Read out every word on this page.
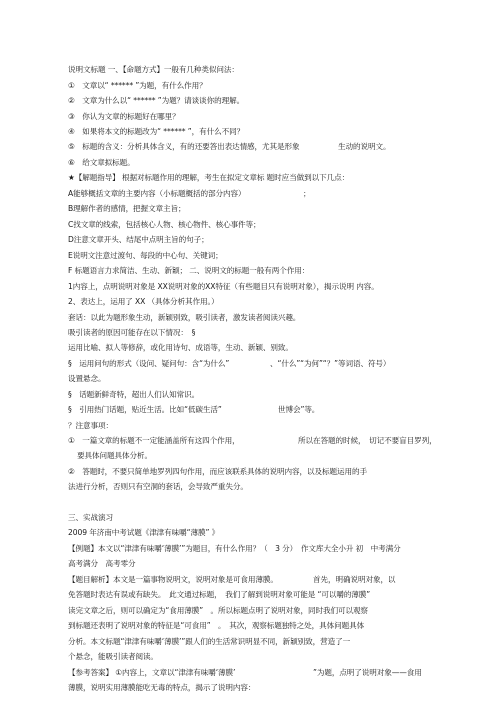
说明文标题 一、【命题方式】一般有几种类似问法：
①　文章以“ ****** ”为题，有什么作用？
②　文章为什么以“ ****** ”为题？请谈谈你的理解。
③　你认为文章的标题好在哪里？
④　如果将本文的标题改为“ ****** ”，有什么不同？
⑤　标题的含义：分析具体含义，有的还要答出表达情感，尤其是形象	生动的说明文。
⑥　给文章拟标题。
★【解题指导】 根据对标题作用的理解，考生在拟定文章标 题时应当做到以下几点：
A能够概括文章的主要内容（小标题概括的部分内容）	；
B理解作者的感情，把握文章主旨；
C找文章的线索，包括核心人物、核心物件、核心事件等；
D注意文章开头、结尾中点明主旨的句子；
E说明文注意过渡句、每段的中心句、关键词；
F 标题语言力求简洁、生动、新颖； 二、说明文的标题一般有两个作用：
1内容上，点明说明对象是 XX说明对象的XX特征（有些题目只有说明对象），揭示说明 内容。
2、表达上，运用了 XX （具体分析其作用。）
套话：以此为题形象生动，新颖别致，吸引读者，激发读者阅读兴趣。
吸引读者的原因可能存在以下情况：　§
运用比喻、拟人等修辞，或化用诗句、成语等，生动、新颖、别致。
§　运用问句的形式（设问、疑问句：含“为什么”	、“什么”“为何”“？”等词语、符号）
设置悬念。
§　话题新鲜奇特，超出人们认知常识。
§　引用热门话题，贴近生活。比如“低碳生活”	世博会”等。
？注意事项：
①　一篇文章的标题不一定能涵盖所有这四个作用，	所以在答题的时候，　切记不要盲目罗列，
要具体问题具体分析。
②　答题时，不要只简单地罗列四句作用，而应该联系具体的说明内容，以及标题运用的手
法进行分析，否则只有空洞的套话，会导致严重失分。
三、实战演习
2009 年济南中考试题《津津有味嚼“薄膜” 》
【例题】本文以“津津有味嚼‘薄膜’”为题目，有什么作用？（　3 分）　作文库大全小升 初　中考满分
高考满分　高考零分
【题目解析】本文是一篇事物说明文，说明对象是可食用薄膜。	首先，明确说明对象，以
免答题时表达有误或有缺失。　此文通过标题，　我们了解到说明对象可能是 “可以嚼的薄膜”
读完文章之后，则可以确定为“食用薄膜”　。所以标题点明了说明对象，同时我们可以观察
到标题还表明了说明对象的特征是“可食用”　。　其次，观察标题独特之处，具体问题具体
分析。本文标题“津津有味嚼‘薄膜’”跟人们的生活常识明显不同，新颖别致，营造了一
个悬念，能吸引读者阅读。
【参考答案】 ①内容上，文章以“津津有味嚼‘薄膜’	”为题，点明了说明对象——食用
薄膜，说明实用薄膜能吃无毒的特点，揭示了说明内容：
